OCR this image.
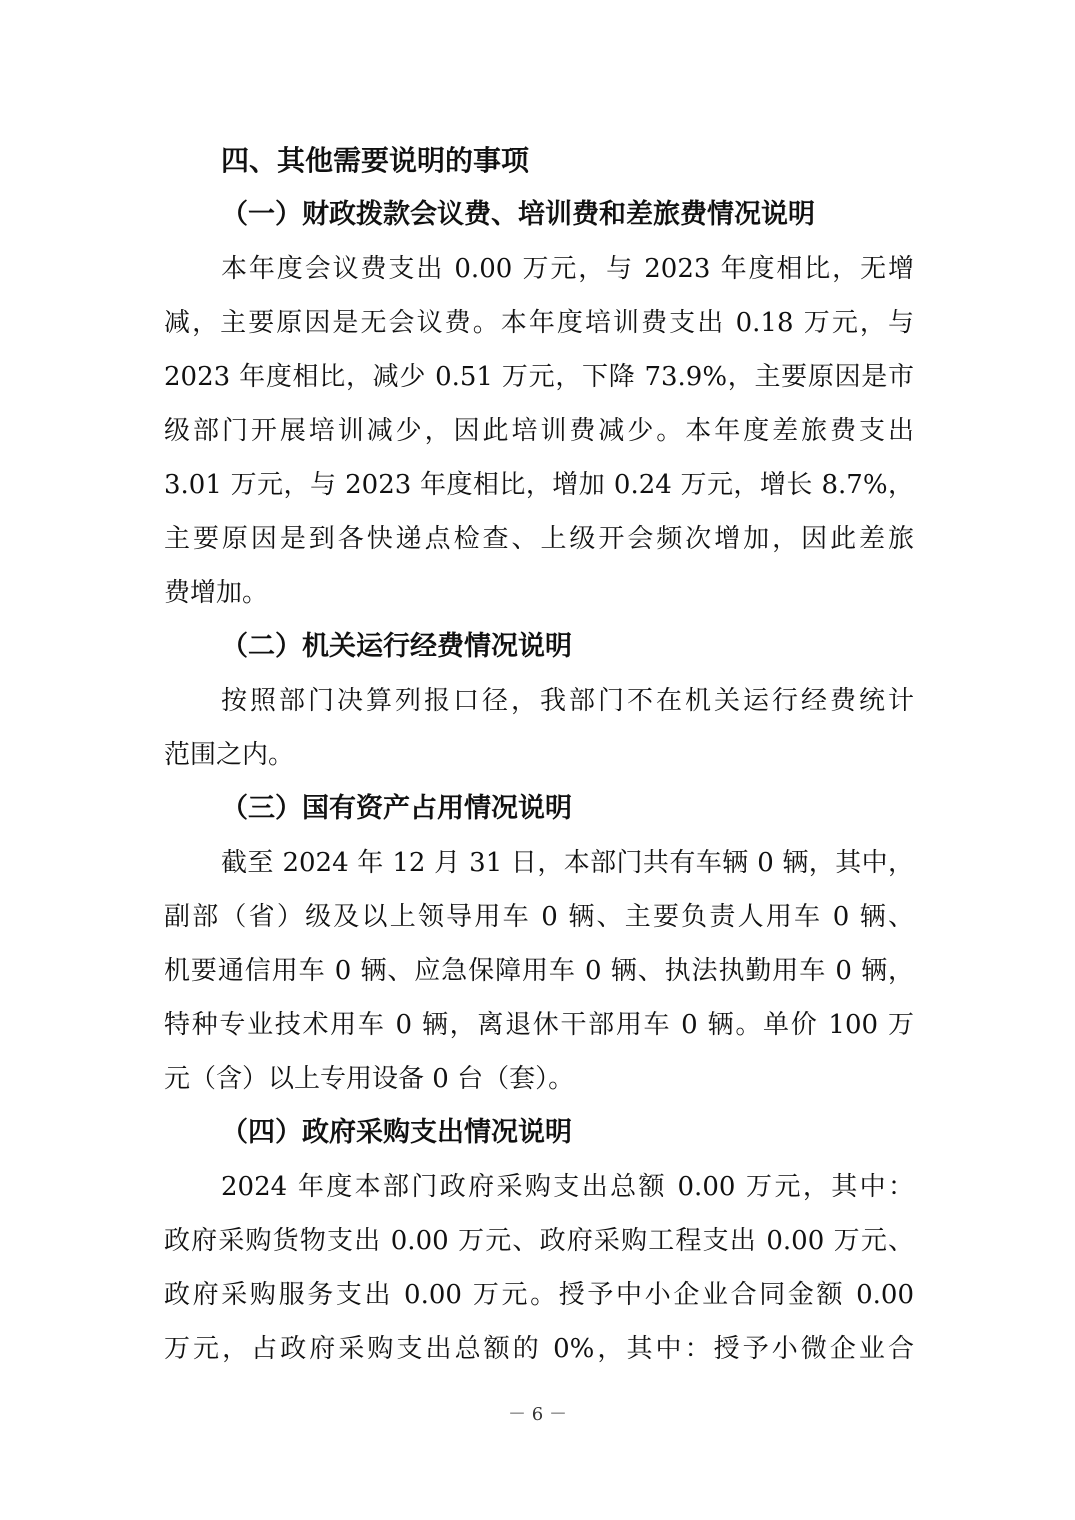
四、其他需要说明的事项
（一）财政拨款会议费、培训费和差旅费情况说明
本年度会议费支出 0.00 万元，与 2023 年度相比，无增
减，主要原因是无会议费。本年度培训费支出 0.18 万元，与
2023 年度相比，减少 0.51 万元，下降 73.9%，主要原因是市
级部门开展培训减少，因此培训费减少。本年度差旅费支出
3.01 万元，与 2023 年度相比，增加 0.24 万元，增长 8.7%，
主要原因是到各快递点检查、上级开会频次增加，因此差旅
费增加。
（二）机关运行经费情况说明
按照部门决算列报口径，我部门不在机关运行经费统计
范围之内。
（三）国有资产占用情况说明
截至 2024 年 12 月 31 日，本部门共有车辆 0 辆，其中，
副部（省）级及以上领导用车 0 辆、主要负责人用车 0 辆、
机要通信用车 0 辆、应急保障用车 0 辆、执法执勤用车 0 辆，
特种专业技术用车 0 辆，离退休干部用车 0 辆。单价 100 万
元（含）以上专用设备 0 台（套）。
（四）政府采购支出情况说明
2024 年度本部门政府采购支出总额 0.00 万元，其中：
政府采购货物支出 0.00 万元、政府采购工程支出 0.00 万元、
政府采购服务支出 0.00 万元。授予中小企业合同金额 0.00
万元，占政府采购支出总额的 0%，其中：授予小微企业合
－ 6 －
